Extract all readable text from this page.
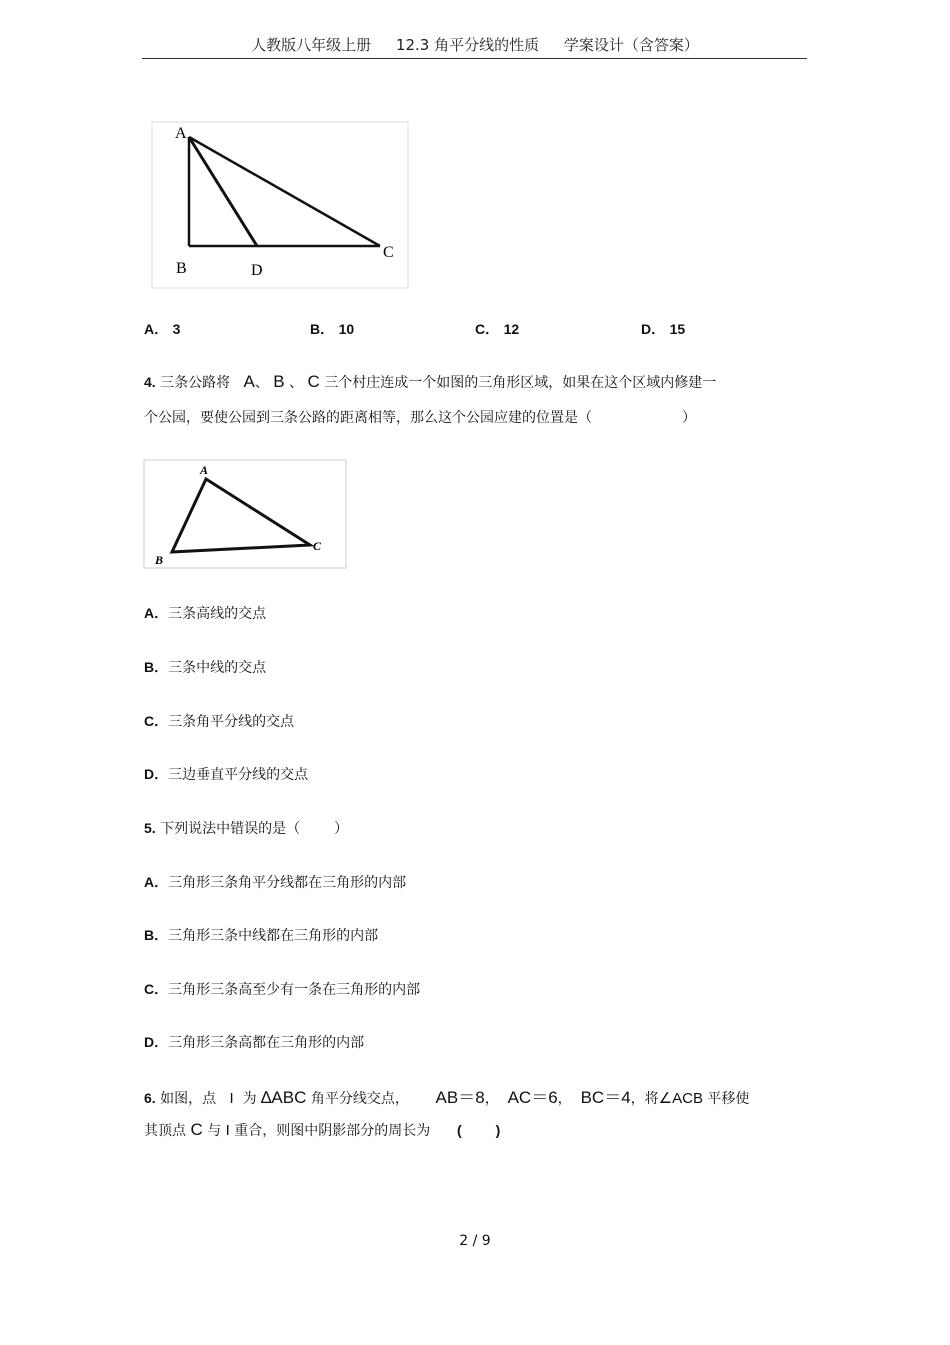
人教版八年级上册 12.3 角平分线的性质 学案设计（含答案）
A
B	D
C
A． 3	B． 10	C． 12	D． 15
4. 三条公路将 A、 B 、 C 三个村庄连成一个如图的三角形区域，如果在这个区域内修建一
个公园，要使公园到三条公路的距离相等，那么这个公园应建的位置是（	）
A
B
C
A．三条高线的交点
B．三条中线的交点
C．三条角平分线的交点
D．三边垂直平分线的交点
5. 下列说法中错误的是（ ）
A．三角形三条角平分线都在三角形的内部
B．三角形三条中线都在三角形的内部
C．三角形三条高至少有一条在三角形的内部
D．三角形三条高都在三角形的内部
6. 如图，点 I 为 ∆ABC 角平分线交点， AB＝8， AC＝6， BC＝4，将∠ACB 平移使
其顶点 C 与 I 重合，则图中阴影部分的周长为 ( )
2 / 9
